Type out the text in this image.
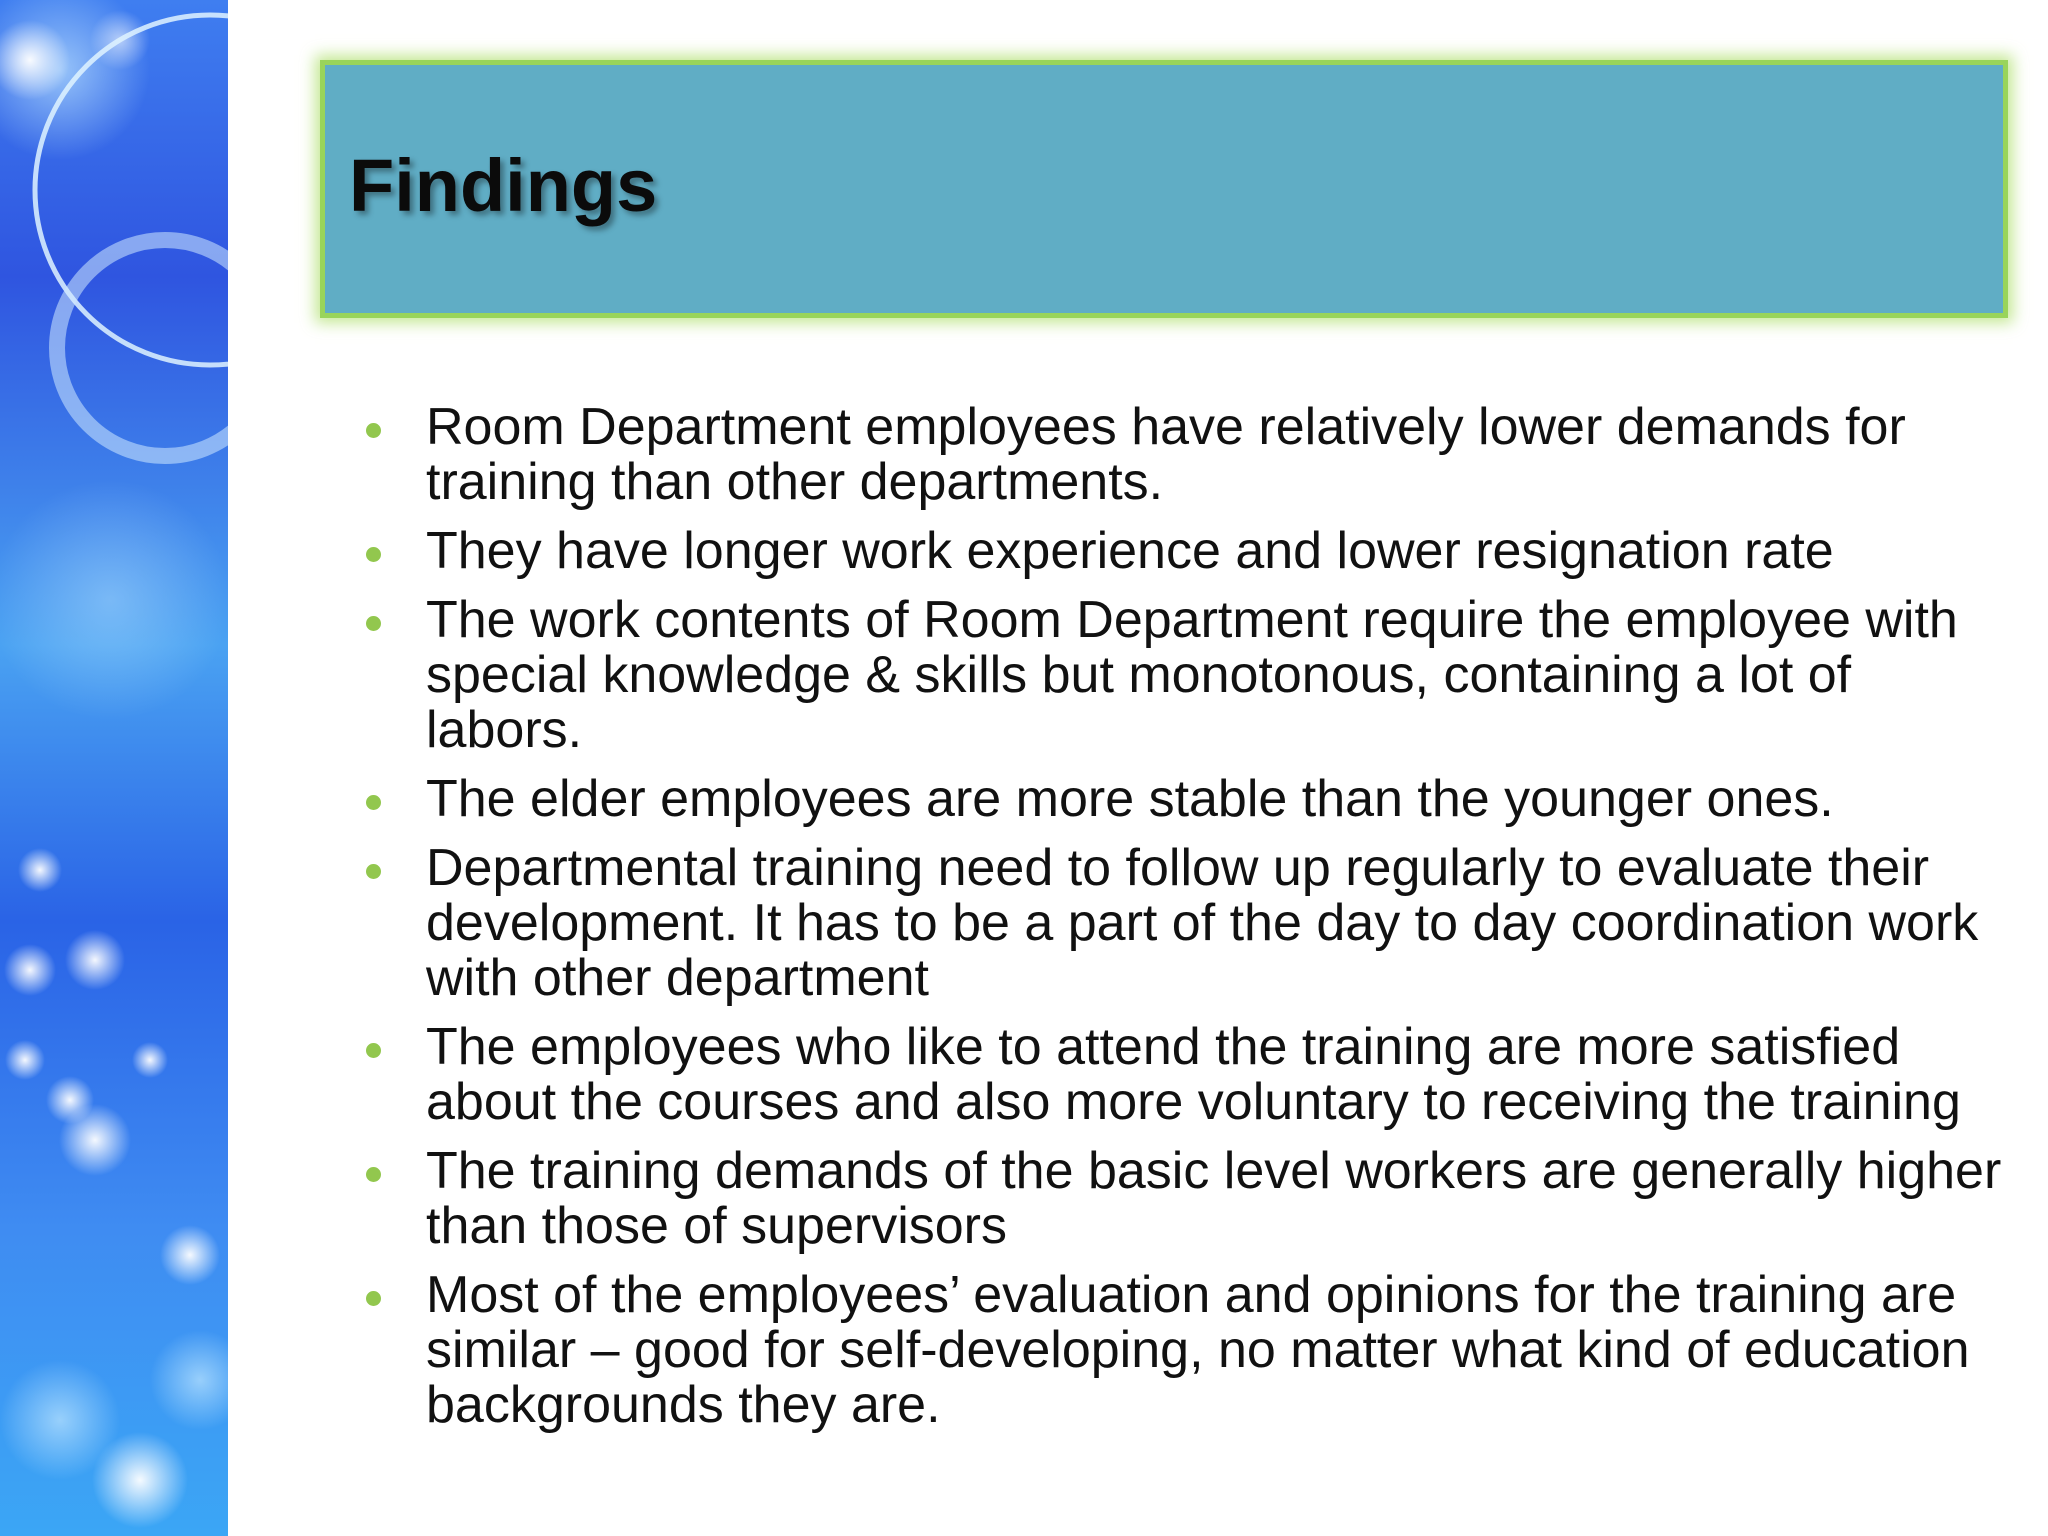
Findings
Room Department employees have relatively lower demands for training than other departments.
They have longer work experience and lower resignation rate
The work contents of Room Department require the employee with special knowledge & skills but monotonous, containing a lot of labors.
The elder employees are more stable than the younger ones.
Departmental training need to follow up regularly to evaluate their development. It has to be a part of the day to day coordination work with other department
The employees who like to attend the training are more satisfied about the courses and also more voluntary to receiving the training
The training demands of the basic level workers are generally higher than those of supervisors
Most of the employees’ evaluation and opinions for the training are similar – good for self-developing, no matter what kind of education backgrounds they are.
